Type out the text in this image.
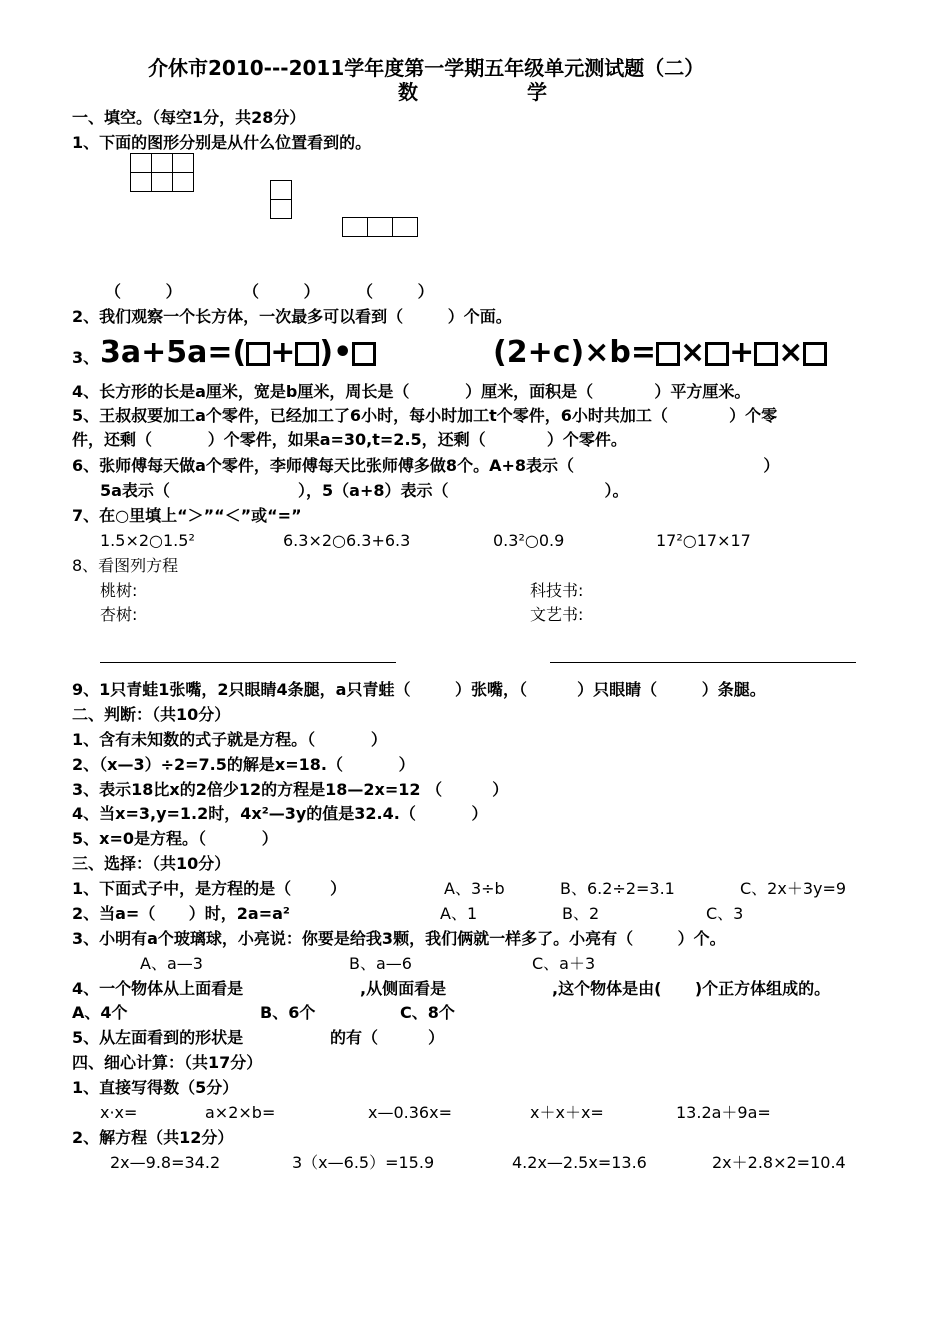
介休市2010---2011学年度第一学期五年级单元测试题（二）
数	学
一、填空。（每空1分，共28分）
1、下面的图形分别是从什么位置看到的。

（        ）	（        ） （        ）
2、我们观察一个长方体，一次最多可以看到（        ）个面。
3、 3a+5a=( + )•	(2+c)×b= × + ×
4、长方形的长是a厘米，宽是b厘米，周长是（          ）厘米，面积是（           ）平方厘米。
5、王叔叔要加工a个零件，已经加工了6小时，每小时加工t个零件，6小时共加工（           ）个零
件，还剩（          ）个零件，如果a=30,t=2.5，还剩（           ）个零件。
6、张师傅每天做a个零件，李师傅每天比张师傅多做8个。A+8表示（                                  ）
5a表示（                       ），5（a+8）表示（                            ）。
7、在○里填上“＞”“＜”或“=”
1.5×2○1.5²	6.3×2○6.3+6.3	0.3²○0.9	17²○17×17
8、看图列方程
桃树:
杏树:
科技书:
文艺书:
9、1只青蛙1张嘴，2只眼睛4条腿，a只青蛙（        ）张嘴，（         ）只眼睛（        ）条腿。
二、判断：（共10分）
1、含有未知数的式子就是方程。（          ）
2、（x—3）÷2=7.5的解是x=18.（          ）
3、表示18比x的2倍少12的方程是18—2x=12 （         ）
4、当x=3,y=1.2时，4x²—3y的值是32.4.（          ）
5、x=0是方程。（          ）
三、选择：（共10分）
1、下面式子中，是方程的是（       ）	A、3÷b	B、6.2÷2=3.1	C、2x＋3y=9
2、当a=（      ）时，2a=a²	A、1	B、2	C、3
3、小明有a个玻璃球，小亮说：你要是给我3颗，我们俩就一样多了。小亮有（        ）个。
A、a—3	B、a—6	C、a＋3
4、一个物体从上面看是	,从侧面看是	,这个物体是由(      )个正方体组成的。
A、4个	B、6个	C、8个
5、从左面看到的形状是	的有（         ）
四、细心计算：（共17分）
1、直接写得数（5分）
x·x=	a×2×b=	x—0.36x=	x＋x＋x=	13.2a＋9a=
2、解方程（共12分）
2x—9.8=34.2	3（x—6.5）=15.9	4.2x—2.5x=13.6	2x＋2.8×2=10.4
